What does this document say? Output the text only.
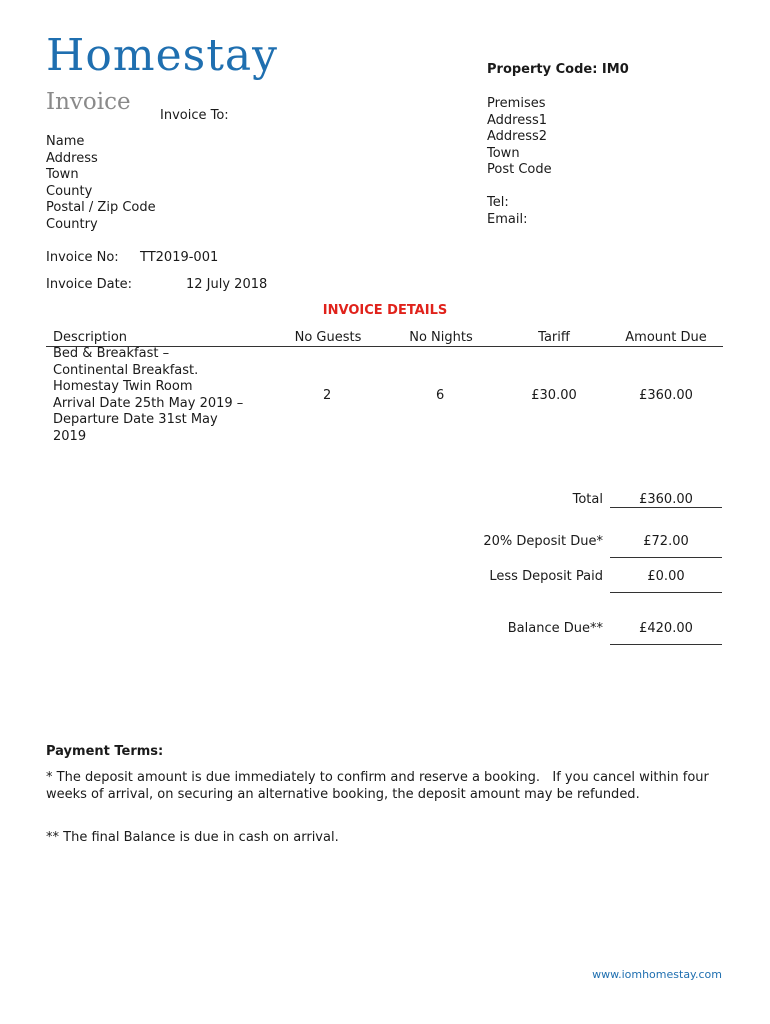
Homestay
Invoice
Invoice To:
Name
Address
Town
County
Postal / Zip Code
Country
Property Code: IM0
Premises
Address1
Address2
Town
Post Code
Tel:
Email:
Invoice No: TT2019-001
Invoice Date:	12 July 2018
INVOICE DETAILS
Description	No Guests	No Nights	Tariff	Amount Due
Bed & Breakfast –
Continental Breakfast.
Homestay Twin Room
Arrival Date 25th May 2019 –
Departure Date 31st May
2019
2	6	£30.00	£360.00
Total	£360.00
20% Deposit Due*	£72.00
Less Deposit Paid	£0.00
Balance Due**	£420.00
Payment Terms:
* The deposit amount is due immediately to confirm and reserve a booking.   If you cancel within four weeks of arrival, on securing an alternative booking, the deposit amount may be refunded.
** The final Balance is due in cash on arrival.
www.iomhomestay.com
